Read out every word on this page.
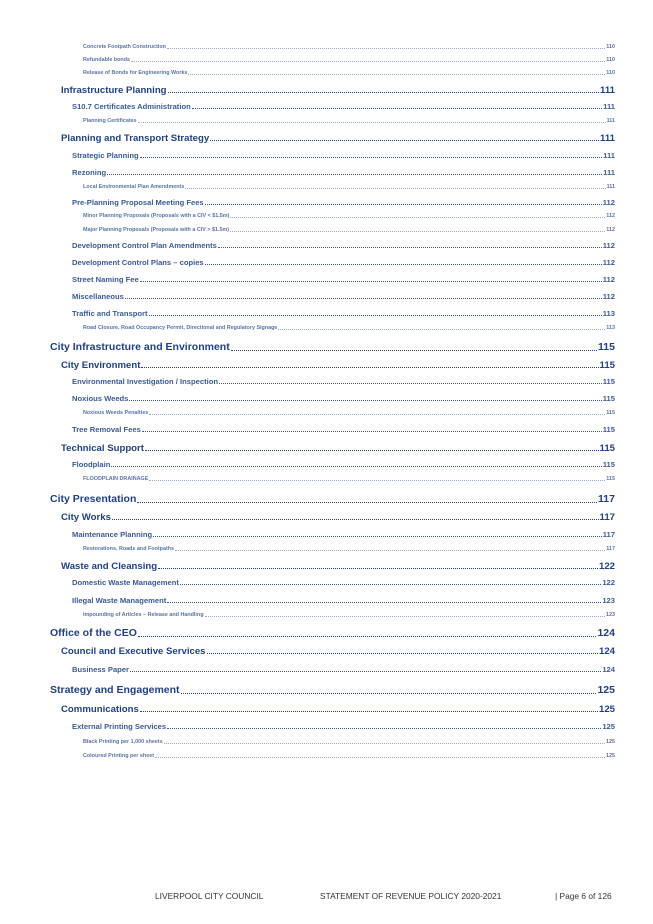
Concrete Footpath Construction	110
Refundable bonds	110
Release of Bonds for Engineering Works	110
Infrastructure Planning	111
S10.7 Certificates Administration	111
Planning Certificates	111
Planning and Transport Strategy	111
Strategic Planning	111
Rezoning	111
Local Environmental Plan Amendments	111
Pre-Planning Proposal Meeting Fees	112
Minor Planning Proposals (Proposals with a CIV < $1.5m)	112
Major Planning Proposals (Proposals with a CIV > $1.5m)	112
Development Control Plan Amendments	112
Development Control Plans – copies	112
Street Naming Fee	112
Miscellaneous	112
Traffic and Transport	113
Road Closure, Road Occupancy Permit, Directional and Regulatory Signage	113
City Infrastructure and Environment	115
City Environment	115
Environmental Investigation / Inspection	115
Noxious Weeds	115
Noxious Weeds Penalties	115
Tree Removal Fees	115
Technical Support	115
Floodplain	115
FLOODPLAIN DRAINAGE	115
City Presentation	117
City Works	117
Maintenance Planning	117
Restorations, Roads and Footpaths	117
Waste and Cleansing	122
Domestic Waste Management	122
Illegal Waste Management	123
Impounding of Articles – Release and Handling	123
Office of the CEO	124
Council and Executive Services	124
Business Paper	124
Strategy and Engagement	125
Communications	125
External Printing Services	125
Black Printing per 1,000 sheets	125
Coloured Printing per sheet	125
LIVERPOOL CITY COUNCIL	STATEMENT OF REVENUE POLICY 2020-2021	| Page 6 of 126
